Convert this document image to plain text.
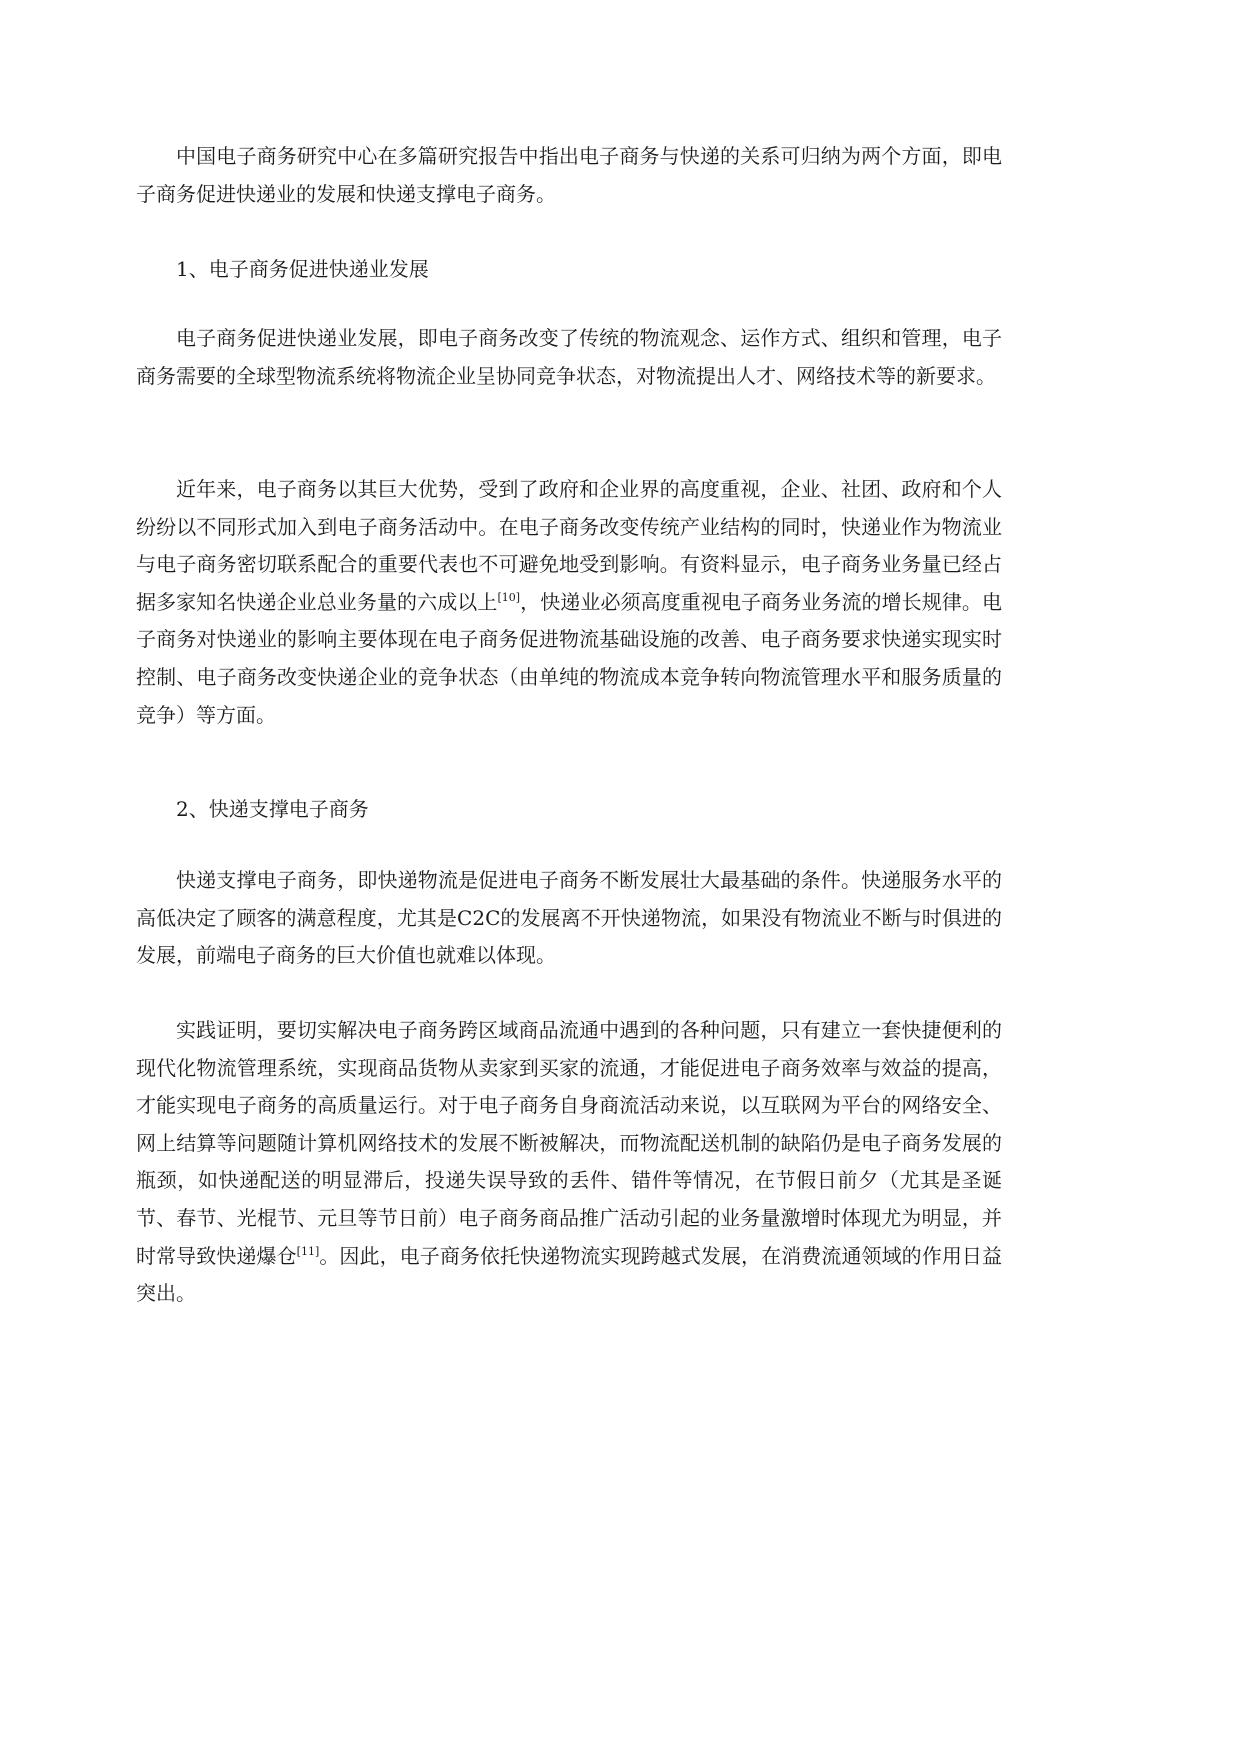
中国电子商务研究中心在多篇研究报告中指出电子商务与快递的关系可归纳为两个方面，即电子商务促进快递业的发展和快递支撑电子商务。

1、电子商务促进快递业发展

电子商务促进快递业发展，即电子商务改变了传统的物流观念、运作方式、组织和管理，电子商务需要的全球型物流系统将物流企业呈协同竞争状态，对物流提出人才、网络技术等的新要求。

近年来，电子商务以其巨大优势，受到了政府和企业界的高度重视，企业、社团、政府和个人纷纷以不同形式加入到电子商务活动中。在电子商务改变传统产业结构的同时，快递业作为物流业与电子商务密切联系配合的重要代表也不可避免地受到影响。有资料显示，电子商务业务量已经占据多家知名快递企业总业务量的六成以上[10]，快递业必须高度重视电子商务业务流的增长规律。电子商务对快递业的影响主要体现在电子商务促进物流基础设施的改善、电子商务要求快递实现实时控制、电子商务改变快递企业的竞争状态（由单纯的物流成本竞争转向物流管理水平和服务质量的竞争）等方面。

2、快递支撑电子商务

快递支撑电子商务，即快递物流是促进电子商务不断发展壮大最基础的条件。快递服务水平的高低决定了顾客的满意程度，尤其是C2C的发展离不开快递物流，如果没有物流业不断与时俱进的发展，前端电子商务的巨大价值也就难以体现。

实践证明，要切实解决电子商务跨区域商品流通中遇到的各种问题，只有建立一套快捷便利的现代化物流管理系统，实现商品货物从卖家到买家的流通，才能促进电子商务效率与效益的提高，才能实现电子商务的高质量运行。对于电子商务自身商流活动来说，以互联网为平台的网络安全、网上结算等问题随计算机网络技术的发展不断被解决，而物流配送机制的缺陷仍是电子商务发展的瓶颈，如快递配送的明显滞后，投递失误导致的丢件、错件等情况，在节假日前夕（尤其是圣诞节、春节、光棍节、元旦等节日前）电子商务商品推广活动引起的业务量激增时体现尤为明显，并时常导致快递爆仓[11]。因此，电子商务依托快递物流实现跨越式发展，在消费流通领域的作用日益突出。
